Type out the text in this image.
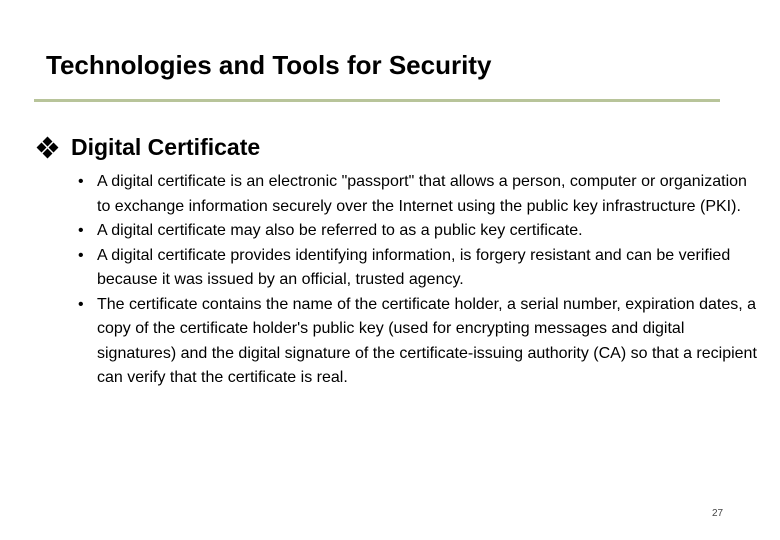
Technologies and Tools for Security
Digital Certificate
• A digital certificate is an electronic "passport" that allows a person, computer or organization to exchange information securely over the Internet using the public key infrastructure (PKI).
• A digital certificate may also be referred to as a public key certificate.
• A digital certificate provides identifying information, is forgery resistant and can be verified because it was issued by an official, trusted agency.
• The certificate contains the name of the certificate holder, a serial number, expiration dates, a copy of the certificate holder's public key (used for encrypting messages and digital signatures) and the digital signature of the certificate-issuing authority (CA) so that a recipient can verify that the certificate is real.
27
